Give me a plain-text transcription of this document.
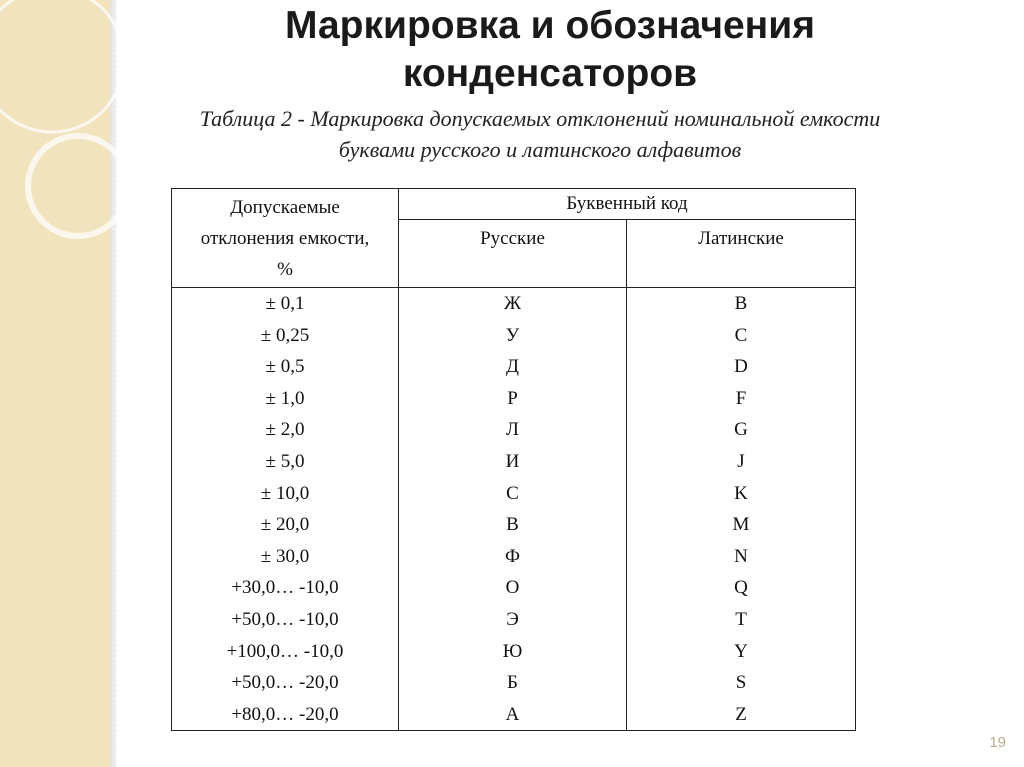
Маркировка и обозначения
конденсаторов

Таблица 2 - Маркировка допускаемых отклонений номинальной емкости
буквами русского и латинского алфавитов

Допускаемые
отклонения емкости,
%	Буквенный код	
	Русские	Латинские
± 0,1	Ж	B
± 0,25	У	C
± 0,5	Д	D
± 1,0	Р	F
± 2,0	Л	G
± 5,0	И	J
± 10,0	С	K
± 20,0	В	M
± 30,0	Ф	N
+30,0… -10,0	О	Q
+50,0… -10,0	Э	T
+100,0… -10,0	Ю	Y
+50,0… -20,0	Б	S
+80,0… -20,0	А	Z
19
